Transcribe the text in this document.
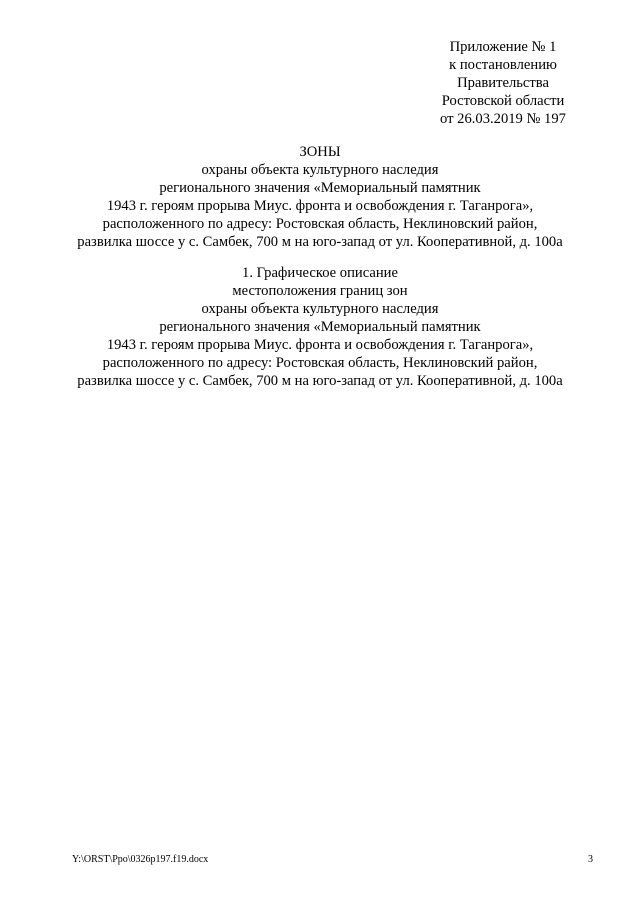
Приложение № 1
к постановлению
Правительства
Ростовской области
от 26.03.2019 № 197
ЗОНЫ
охраны объекта культурного наследия
регионального значения «Мемориальный памятник
1943 г. героям прорыва Миус. фронта и освобождения г. Таганрога»,
расположенного по адресу: Ростовская область, Неклиновский район,
развилка шоссе у с. Самбек, 700 м на юго-запад от ул. Кооперативной, д. 100а
1. Графическое описание
местоположения границ зон
охраны объекта культурного наследия
регионального значения «Мемориальный памятник
1943 г. героям прорыва Миус. фронта и освобождения г. Таганрога»,
расположенного по адресу: Ростовская область, Неклиновский район,
развилка шоссе у с. Самбек, 700 м на юго-запад от ул. Кооперативной, д. 100а
Y:\ORST\Ppo\0326p197.f19.docx	3
